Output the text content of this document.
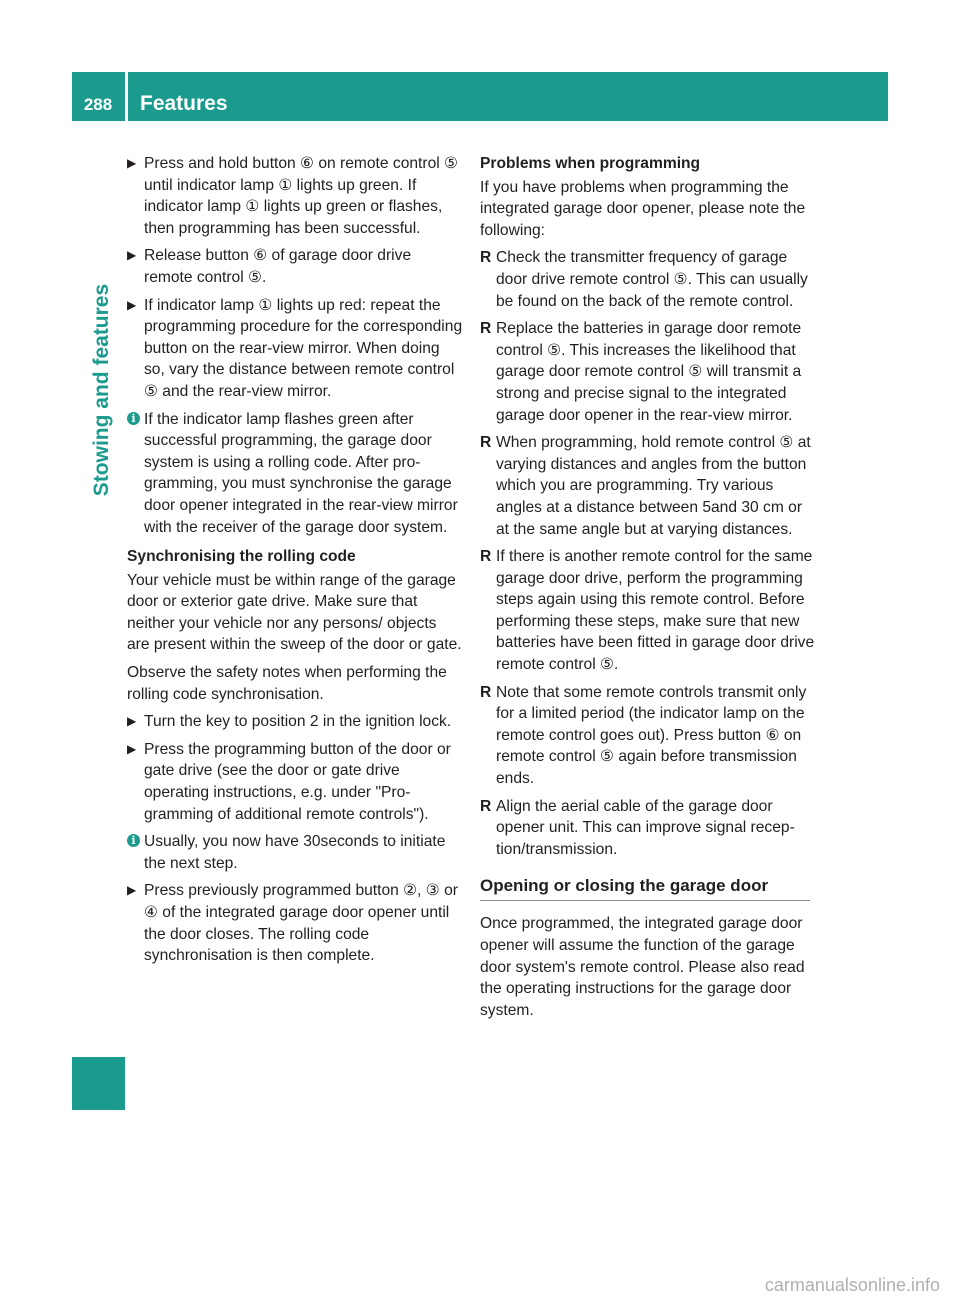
288	Features
Stowing and features
▶ Press and hold button ⑥ on remote control ⑤ until indicator lamp ① lights up green. If indicator lamp ① lights up green or flashes, then programming has been successful.
▶ Release button ⑥ of garage door drive remote control ⑤.
▶ If indicator lamp ① lights up red: repeat the programming procedure for the corresponding button on the rear-view mirror. When doing so, vary the distance between remote control ⑤ and the rear-view mirror.
i If the indicator lamp flashes green after successful programming, the garage door system is using a rolling code. After programming, you must synchronise the garage door opener integrated in the rear-view mirror with the receiver of the garage door system.
Synchronising the rolling code
Your vehicle must be within range of the garage door or exterior gate drive. Make sure that neither your vehicle nor any persons/ objects are present within the sweep of the door or gate.
Observe the safety notes when performing the rolling code synchronisation.
▶ Turn the key to position 2 in the ignition lock.
▶ Press the programming button of the door or gate drive (see the door or gate drive operating instructions, e.g. under "Programming of additional remote controls").
i Usually, you now have 30seconds to initiate the next step.
▶ Press previously programmed button ②, ③ or ④ of the integrated garage door opener until the door closes. The rolling code synchronisation is then complete.
Problems when programming
If you have problems when programming the integrated garage door opener, please note the following:
R Check the transmitter frequency of garage door drive remote control ⑤. This can usually be found on the back of the remote control.
R Replace the batteries in garage door remote control ⑤. This increases the likelihood that garage door remote control ⑤ will transmit a strong and precise signal to the integrated garage door opener in the rear-view mirror.
R When programming, hold remote control ⑤ at varying distances and angles from the button which you are programming. Try various angles at a distance between 5and 30 cm or at the same angle but at varying distances.
R If there is another remote control for the same garage door drive, perform the programming steps again using this remote control. Before performing these steps, make sure that new batteries have been fitted in garage door drive remote control ⑤.
R Note that some remote controls transmit only for a limited period (the indicator lamp on the remote control goes out). Press button ⑥ on remote control ⑤ again before transmission ends.
R Align the aerial cable of the garage door opener unit. This can improve signal reception/transmission.
Opening or closing the garage door
Once programmed, the integrated garage door opener will assume the function of the garage door system's remote control. Please also read the operating instructions for the garage door system.
carmanualsonline.info
